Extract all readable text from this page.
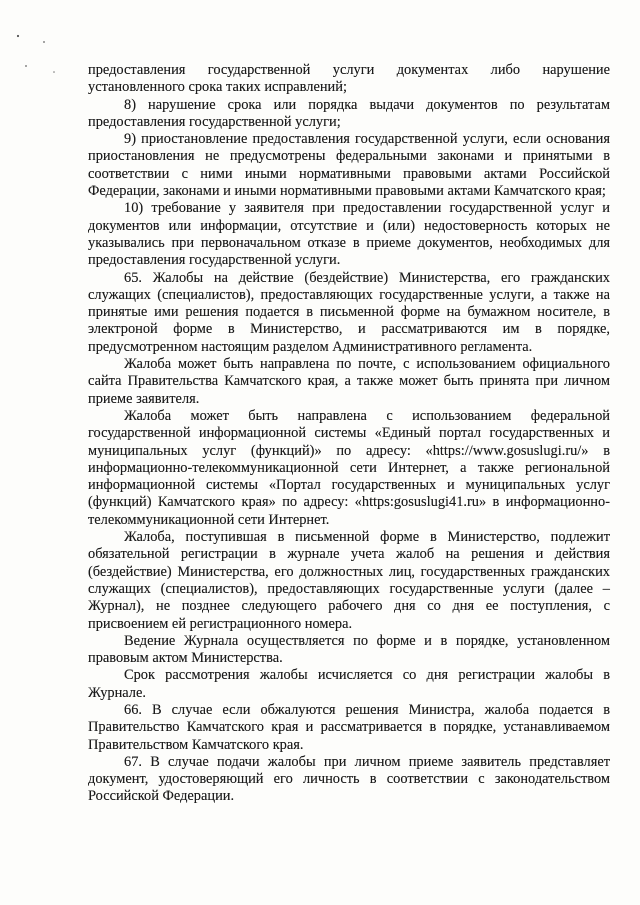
предоставления государственной услуги документах либо нарушение установленного срока таких исправлений;

8) нарушение срока или порядка выдачи документов по результатам предоставления государственной услуги;

9) приостановление предоставления государственной услуги, если основания приостановления не предусмотрены федеральными законами и принятыми в соответствии с ними иными нормативными правовыми актами Российской Федерации, законами и иными нормативными правовыми актами Камчатского края;

10) требование у заявителя при предоставлении государственной услуг и документов или информации, отсутствие и (или) недостоверность которых не указывались при первоначальном отказе в приеме документов, необходимых для предоставления государственной услуги.

65. Жалобы на действие (бездействие) Министерства, его гражданских служащих (специалистов), предоставляющих государственные услуги, а также на принятые ими решения подается в письменной форме на бумажном носителе, в электроной форме в Министерство, и рассматриваются им в порядке, предусмотренном настоящим разделом Административного регламента.

Жалоба может быть направлена по почте, с использованием официального сайта Правительства Камчатского края, а также может быть принята при личном приеме заявителя.

Жалоба может быть направлена с использованием федеральной государственной информационной системы «Единый портал государственных и муниципальных услуг (функций)» по адресу: «https://www.gosuslugi.ru/» в информационно-телекоммуникационной сети Интернет, а также региональной информационной системы «Портал государственных и муниципальных услуг (функций) Камчатского края» по адресу: «https:gosuslugi41.ru» в информационно-телекоммуникационной сети Интернет.

Жалоба, поступившая в письменной форме в Министерство, подлежит обязательной регистрации в журнале учета жалоб на решения и действия (бездействие) Министерства, его должностных лиц, государственных гражданских служащих (специалистов), предоставляющих государственные услуги (далее – Журнал), не позднее следующего рабочего дня со дня ее поступления, с присвоением ей регистрационного номера.

Ведение Журнала осуществляется по форме и в порядке, установленном правовым актом Министерства.

Срок рассмотрения жалобы исчисляется со дня регистрации жалобы в Журнале.

66. В случае если обжалуются решения Министра, жалоба подается в Правительство Камчатского края и рассматривается в порядке, устанавливаемом Правительством Камчатского края.

67. В случае подачи жалобы при личном приеме заявитель представляет документ, удостоверяющий его личность в соответствии с законодательством Российской Федерации.
